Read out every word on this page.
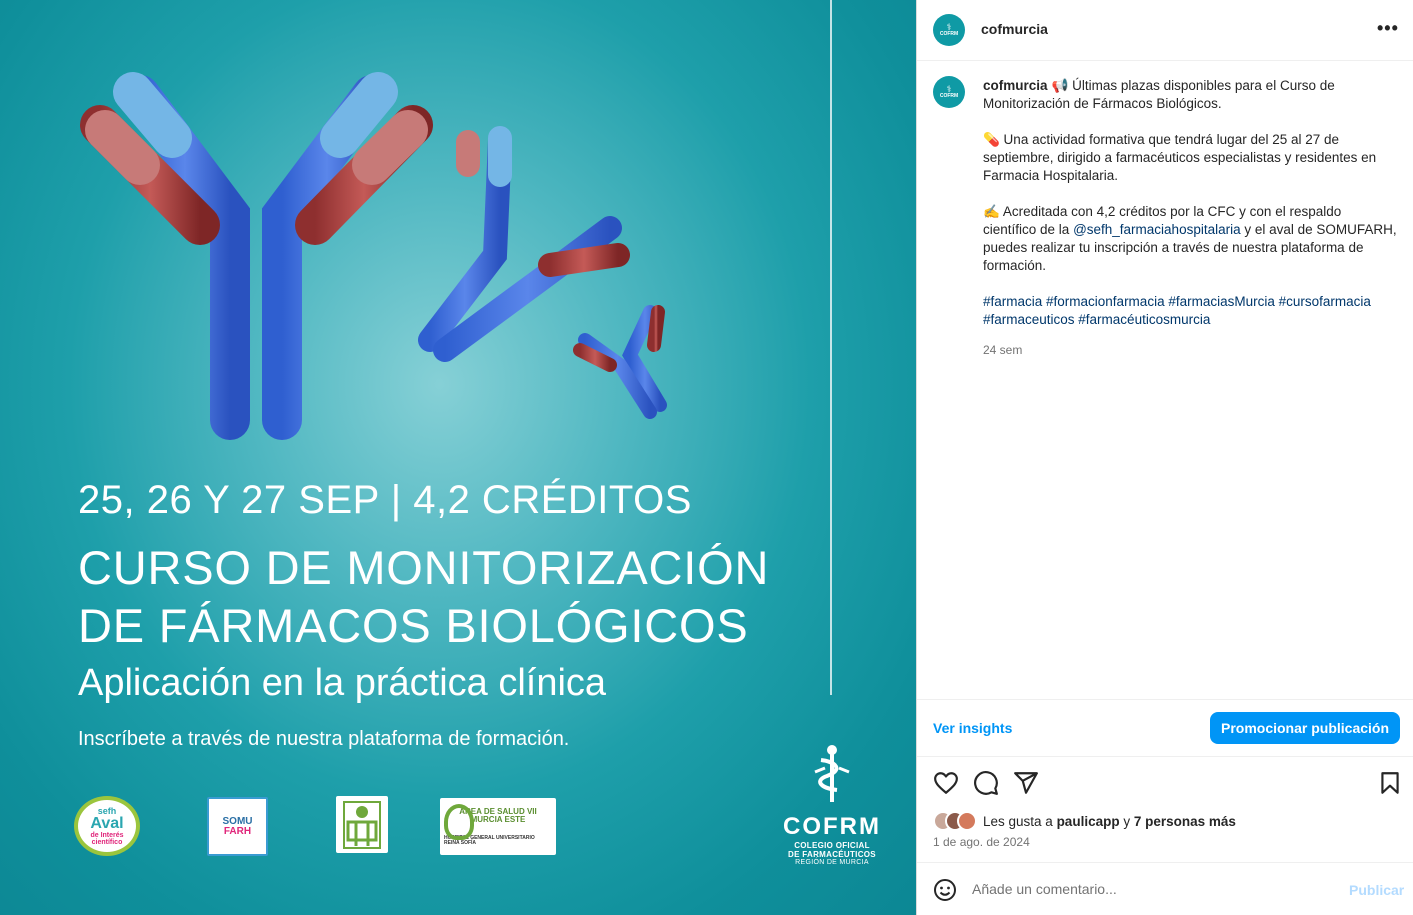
25, 26 Y 27 SEP | 4,2 CRÉDITOS
CURSO DE MONITORIZACIÓN
DE FÁRMACOS BIOLÓGICOS
Aplicación en la práctica clínica
Inscríbete a través de nuestra plataforma de formación.
sefh
Aval
de Interés científico
SOMU
FARH
ÁREA DE SALUD VII MURCIA ESTE
HOSPITAL GENERAL UNIVERSITARIO
REINA SOFÍA
COFRM
COLEGIO OFICIAL
DE FARMACÉUTICOS
REGIÓN DE MURCIA
⚕
COFRM cofmurcia	•••
⚕
COFRM

cofmurcia 📢 Últimas plazas disponibles para el Curso de Monitorización de Fármacos Biológicos.

💊 Una actividad formativa que tendrá lugar del 25 al 27 de septiembre, dirigido a farmacéuticos especialistas y residentes en Farmacia Hospitalaria.

✍️ Acreditada con 4,2 créditos por la CFC y con el respaldo científico de la @sefh_farmaciahospitalaria y el aval de SOMUFARH, puedes realizar tu inscripción a través de nuestra plataforma de formación.

#farmacia #formacionfarmacia #farmaciasMurcia #cursofarmacia #farmaceuticos #farmacéuticosmurcia

24 sem
Ver insights	Promocionar publicación
Les gusta a paulicapp y 7 personas más
1 de ago. de 2024
Añade un comentario...
Publicar
